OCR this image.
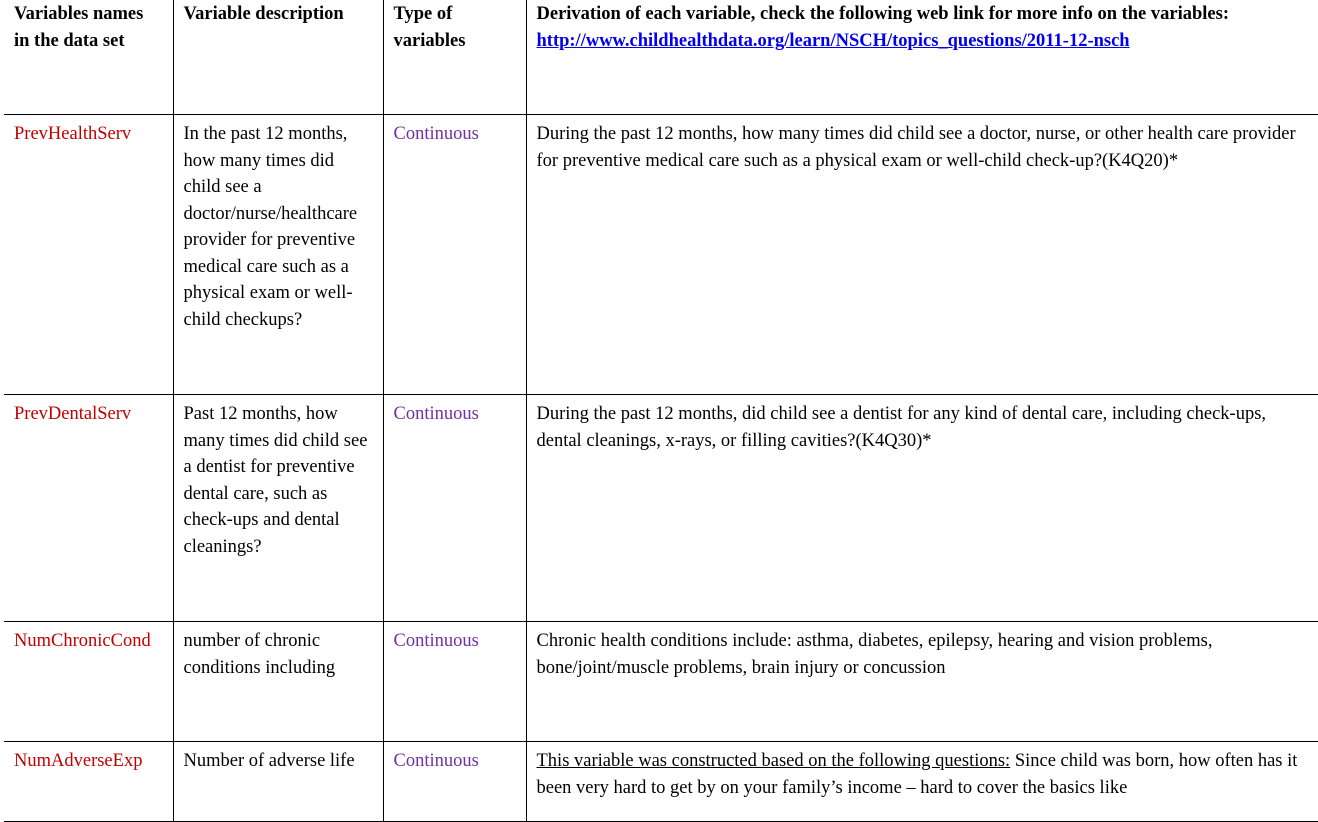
Variables names in the data set	Variable description	Type of variables	Derivation of each variable, check the following web link for more info on the variables:
http://www.childhealthdata.org/learn/NSCH/topics_questions/2011-12-nsch
PrevHealthServ	In the past 12 months, how many times did child see a doctor/nurse/healthcare provider for preventive medical care such as a physical exam or well-child checkups?	Continuous	During the past 12 months, how many times did child see a doctor, nurse, or other health care provider for preventive medical care such as a physical exam or well-child check-up?(K4Q20)*
PrevDentalServ	Past 12 months, how many times did child see a dentist for preventive dental care, such as check-ups and dental cleanings?	Continuous	During the past 12 months, did child see a dentist for any kind of dental care, including check-ups, dental cleanings, x-rays, or filling cavities?(K4Q30)*
NumChronicCond	number of chronic conditions including	Continuous	Chronic health conditions include: asthma, diabetes, epilepsy, hearing and vision problems, bone/joint/muscle problems, brain injury or concussion
NumAdverseExp	Number of adverse life	Continuous	This variable was constructed based on the following questions: Since child was born, how often has it been very hard to get by on your family’s income – hard to cover the basics like
